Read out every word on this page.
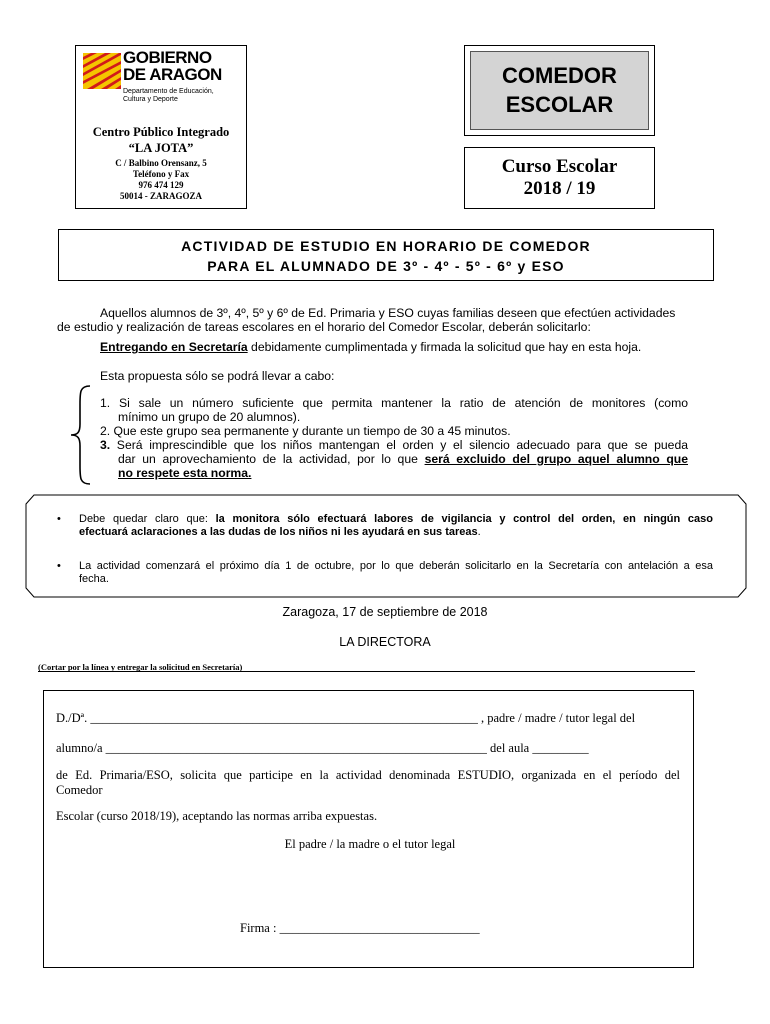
GOBIERNO
DE ARAGON
Departamento de Educación,
Cultura y Deporte
Centro Público Integrado
“LA JOTA”
C / Balbino Orensanz, 5
Teléfono y Fax
976 474 129
50014 - ZARAGOZA
COMEDOR
ESCOLAR
Curso Escolar
2018 / 19
ACTIVIDAD DE ESTUDIO EN HORARIO DE COMEDOR
PARA EL ALUMNADO DE 3º - 4º - 5º - 6º y ESO
Aquellos alumnos de 3º, 4º, 5º y 6º de Ed. Primaria y ESO cuyas familias deseen que efectúen actividades
de estudio y realización de tareas escolares en el horario del Comedor Escolar, deberán solicitarlo:
Entregando en Secretaría debidamente cumplimentada y firmada la solicitud que hay en esta hoja.
Esta propuesta sólo se podrá llevar a cabo:
1. Si sale un número suficiente que permita mantener la ratio de atención de monitores (como
mínimo un grupo de 20 alumnos).
2. Que este grupo sea permanente y durante un tiempo de 30 a 45 minutos.
3. Será imprescindible que los niños mantengan el orden y el silencio adecuado para que se pueda
dar un aprovechamiento de la actividad, por lo que será excluido del grupo aquel alumno que
no respete esta norma.
• Debe quedar claro que: la monitora sólo efectuará labores de vigilancia y control del orden, en ningún caso
efectuará aclaraciones a las dudas de los niños ni les ayudará en sus tareas.
• La actividad comenzará el próximo día 1 de octubre, por lo que deberán solicitarlo en la Secretaría con antelación a esa
fecha.
Zaragoza, 17 de septiembre de 2018
LA DIRECTORA
(Cortar por la línea y entregar la solicitud en Secretaría)
D./Dª. ______________________________________________________________ , padre / madre / tutor legal del
alumno/a _____________________________________________________________ del aula _________
de Ed. Primaria/ESO, solicita que participe en la actividad denominada ESTUDIO, organizada en el período del
Comedor
Escolar (curso 2018/19), aceptando las normas arriba expuestas.
El padre / la madre o el tutor legal
Firma : ________________________________
